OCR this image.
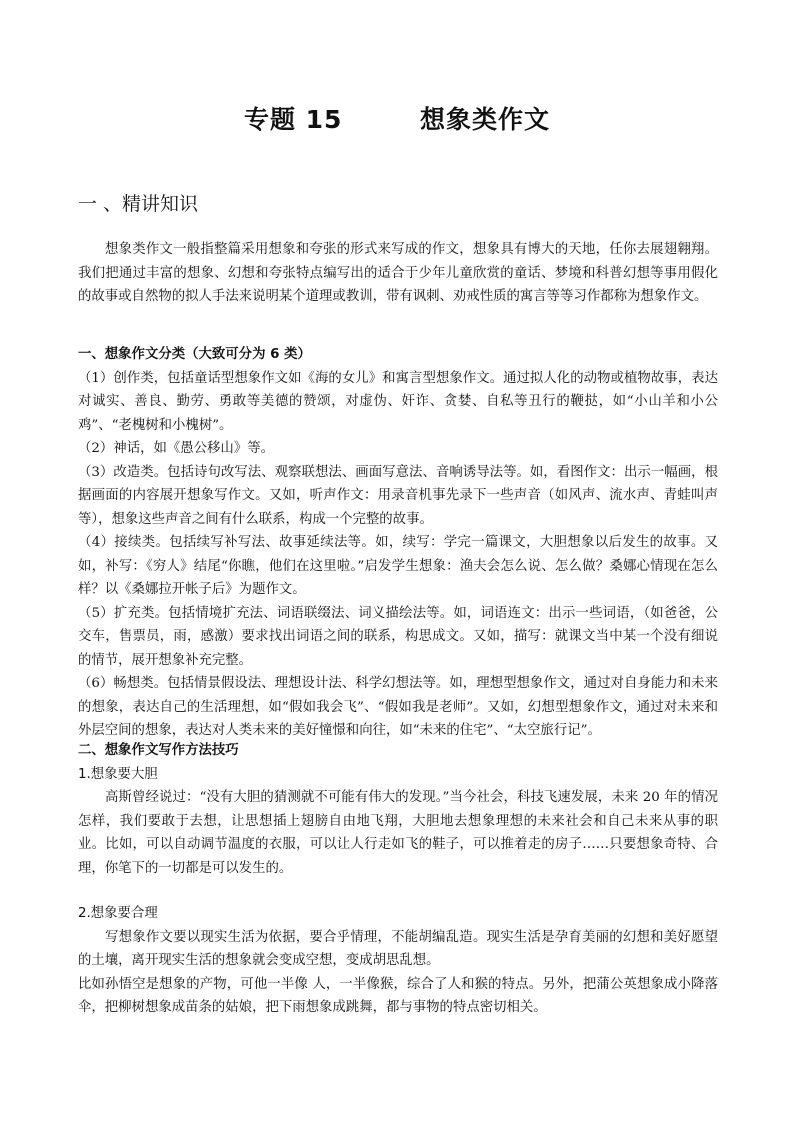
专题 15        想象类作文
一 、精讲知识

想象类作文一般指整篇采用想象和夸张的形式来写成的作文，想象具有博大的天地，任你去展翅翱翔。我们把通过丰富的想象、幻想和夸张特点编写出的适合于少年儿童欣赏的童话、梦境和科普幻想等事用假化的故事或自然物的拟人手法来说明某个道理或教训，带有讽刺、劝戒性质的寓言等等习作都称为想象作文。

一、想象作文分类（大致可分为 6 类）

（1）创作类，包括童话型想象作文如《海的女儿》和寓言型想象作文。通过拟人化的动物或植物故事，表达对诚实、善良、勤劳、勇敢等美德的赞颂，对虚伪、奸诈、贪婪、自私等丑行的鞭挞，如“小山羊和小公鸡”、“老槐树和小槐树”。

（2）神话，如《愚公移山》等。

（3）改造类。包括诗句改写法、观察联想法、画面写意法、音响诱导法等。如，看图作文：出示一幅画，根据画面的内容展开想象写作文。又如，听声作文：用录音机事先录下一些声音（如风声、流水声、青蛙叫声等），想象这些声音之间有什么联系，构成一个完整的故事。

（4）接续类。包括续写补写法、故事延续法等。如，续写：学完一篇课文，大胆想象以后发生的故事。又如，补写：《穷人》结尾“你瞧，他们在这里啦。”启发学生想象：渔夫会怎么说、怎么做？桑娜心情现在怎么样？以《桑娜拉开帐子后》为题作文。

（5）扩充类。包括情境扩充法、词语联缀法、词义描绘法等。如，词语连文：出示一些词语，（如爸爸，公交车，售票员，雨，感激）要求找出词语之间的联系，构思成文。又如，描写：就课文当中某一个没有细说的情节，展开想象补充完整。

（6）畅想类。包括情景假设法、理想设计法、科学幻想法等。如，理想型想象作文，通过对自身能力和未来的想象，表达自己的生活理想，如“假如我会飞”、“假如我是老师”。又如，幻想型想象作文，通过对未来和外层空间的想象，表达对人类未来的美好憧憬和向往，如“未来的住宅”、“太空旅行记”。

二、想象作文写作方法技巧

1.想象要大胆

高斯曾经说过：“没有大胆的猜测就不可能有伟大的发现。”当今社会，科技飞速发展，未来 20 年的情况怎样，我们要敢于去想，让思想插上翅膀自由地飞翔，大胆地去想象理想的未来社会和自己未来从事的职业。比如，可以自动调节温度的衣服，可以让人行走如飞的鞋子，可以推着走的房子……只要想象奇特、合理，你笔下的一切都是可以发生的。

2.想象要合理

写想象作文要以现实生活为依据，要合乎情理，不能胡编乱造。现实生活是孕育美丽的幻想和美好愿望的土壤，离开现实生活的想象就会变成空想，变成胡思乱想。

比如孙悟空是想象的产物，可他一半像 人，一半像猴，综合了人和猴的特点。另外，把蒲公英想象成小降落伞，把柳树想象成苗条的姑娘，把下雨想象成跳舞，都与事物的特点密切相关。
